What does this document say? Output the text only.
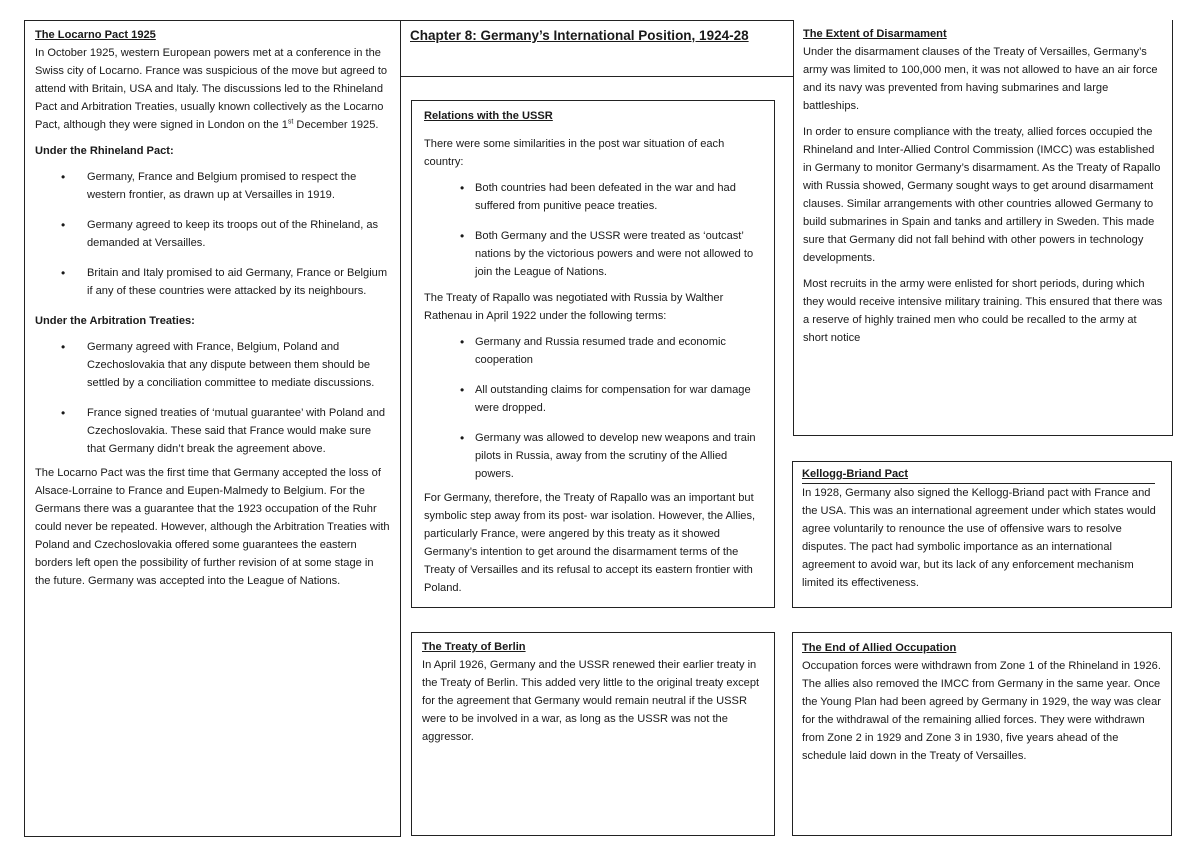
The Locarno Pact 1925

In October 1925, western European powers met at a conference in the Swiss city of Locarno. France was suspicious of the move but agreed to attend with Britain, USA and Italy. The discussions led to the Rhineland Pact and Arbitration Treaties, usually known collectively as the Locarno Pact, although they were signed in London on the 1st December 1925.

Under the Rhineland Pact:

• Germany, France and Belgium promised to respect the western frontier, as drawn up at Versailles in 1919.
• Germany agreed to keep its troops out of the Rhineland, as demanded at Versailles.
• Britain and Italy promised to aid Germany, France or Belgium if any of these countries were attacked by its neighbours.

Under the Arbitration Treaties:

• Germany agreed with France, Belgium, Poland and Czechoslovakia that any dispute between them should be settled by a conciliation committee to mediate discussions.
• France signed treaties of ‘mutual guarantee’ with Poland and Czechoslovakia. These said that France would make sure that Germany didn’t break the agreement above.

The Locarno Pact was the first time that Germany accepted the loss of Alsace-Lorraine to France and Eupen-Malmedy to Belgium. For the Germans there was a guarantee that the 1923 occupation of the Ruhr could never be repeated. However, although the Arbitration Treaties with Poland and Czechoslovakia offered some guarantees the eastern borders left open the possibility of further revision of at some stage in the future. Germany was accepted into the League of Nations.

Chapter 8: Germany’s International Position, 1924-28
Relations with the USSR

There were some similarities in the post war situation of each country:

• Both countries had been defeated in the war and had suffered from punitive peace treaties.
• Both Germany and the USSR were treated as ‘outcast’ nations by the victorious powers and were not allowed to join the League of Nations.

The Treaty of Rapallo was negotiated with Russia by Walther Rathenau in April 1922 under the following terms:

• Germany and Russia resumed trade and economic cooperation
• All outstanding claims for compensation for war damage were dropped.
• Germany was allowed to develop new weapons and train pilots in Russia, away from the scrutiny of the Allied powers.

For Germany, therefore, the Treaty of Rapallo was an important but symbolic step away from its post- war isolation. However, the Allies, particularly France, were angered by this treaty as it showed Germany’s intention to get around the disarmament terms of the Treaty of Versailles and its refusal to accept its eastern frontier with Poland.

The Extent of Disarmament

Under the disarmament clauses of the Treaty of Versailles, Germany’s army was limited to 100,000 men, it was not allowed to have an air force and its navy was prevented from having submarines and large battleships.

In order to ensure compliance with the treaty, allied forces occupied the Rhineland and Inter-Allied Control Commission (IMCC) was established in Germany to monitor Germany’s disarmament. As the Treaty of Rapallo with Russia showed, Germany sought ways to get around disarmament clauses. Similar arrangements with other countries allowed Germany to build submarines in Spain and tanks and artillery in Sweden. This made sure that Germany did not fall behind with other powers in technology developments.

Most recruits in the army were enlisted for short periods, during which they would receive intensive military training. This ensured that there was a reserve of highly trained men who could be recalled to the army at short notice

Kellogg-Briand Pact

In 1928, Germany also signed the Kellogg-Briand pact with France and the USA. This was an international agreement under which states would agree voluntarily to renounce the use of offensive wars to resolve disputes. The pact had symbolic importance as an international agreement to avoid war, but its lack of any enforcement mechanism limited its effectiveness.

The Treaty of Berlin

In April 1926, Germany and the USSR renewed their earlier treaty in the Treaty of Berlin. This added very little to the original treaty except for the agreement that Germany would remain neutral if the USSR were to be involved in a war, as long as the USSR was not the aggressor.

The End of Allied Occupation

Occupation forces were withdrawn from Zone 1 of the Rhineland in 1926. The allies also removed the IMCC from Germany in the same year. Once the Young Plan had been agreed by Germany in 1929, the way was clear for the withdrawal of the remaining allied forces. They were withdrawn from Zone 2 in 1929 and Zone 3 in 1930, five years ahead of the schedule laid down in the Treaty of Versailles.
